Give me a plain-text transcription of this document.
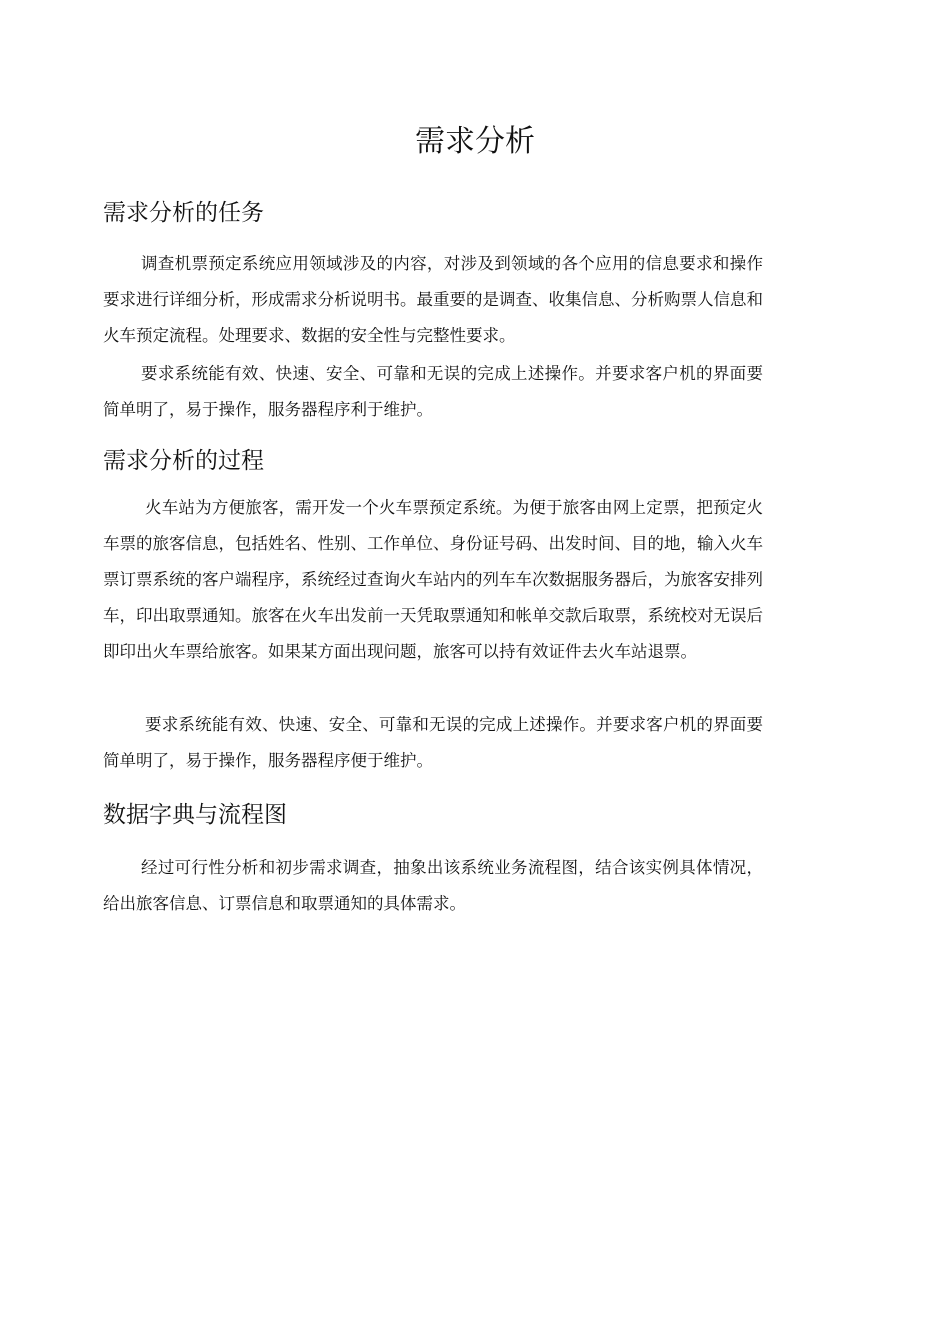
需求分析
需求分析的任务

调查机票预定系统应用领域涉及的内容，对涉及到领域的各个应用的信息要求和操作要求进行详细分析，形成需求分析说明书。最重要的是调查、收集信息、分析购票人信息和火车预定流程。处理要求、数据的安全性与完整性要求。

要求系统能有效、快速、安全、可靠和无误的完成上述操作。并要求客户机的界面要简单明了，易于操作，服务器程序利于维护。

需求分析的过程

火车站为方便旅客，需开发一个火车票预定系统。为便于旅客由网上定票，把预定火车票的旅客信息，包括姓名、性别、工作单位、身份证号码、出发时间、目的地，输入火车票订票系统的客户端程序，系统经过查询火车站内的列车车次数据服务器后，为旅客安排列车，印出取票通知。旅客在火车出发前一天凭取票通知和帐单交款后取票，系统校对无误后即印出火车票给旅客。如果某方面出现问题，旅客可以持有效证件去火车站退票。

要求系统能有效、快速、安全、可靠和无误的完成上述操作。并要求客户机的界面要简单明了，易于操作，服务器程序便于维护。

数据字典与流程图

经过可行性分析和初步需求调查，抽象出该系统业务流程图，结合该实例具体情况，给出旅客信息、订票信息和取票通知的具体需求。
